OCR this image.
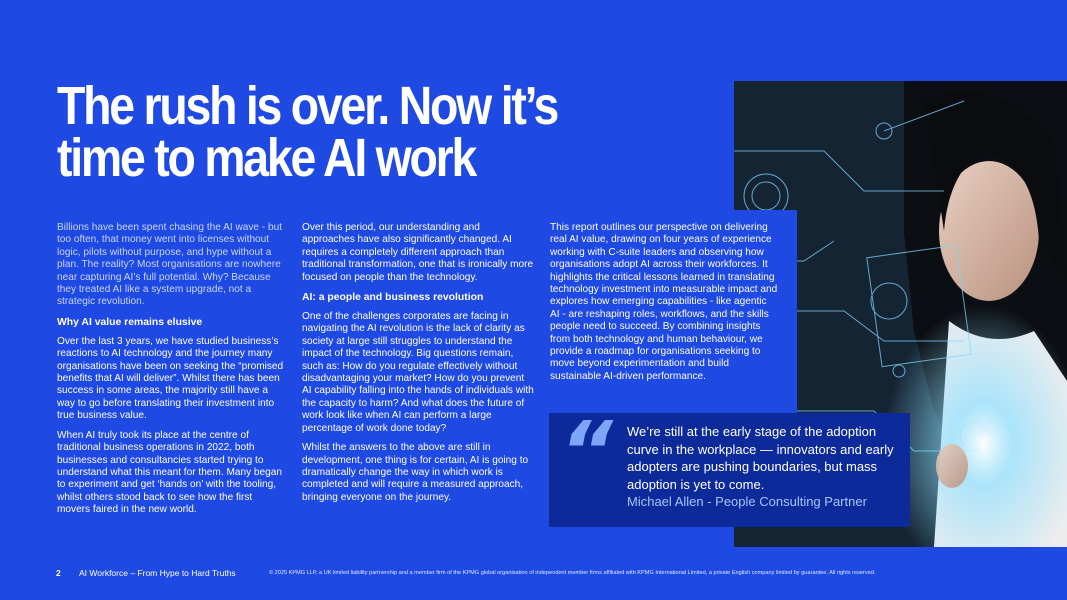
The rush is over. Now it’s
time to make AI work

Billions have been spent chasing the AI wave - but too often, that money went into licenses without logic, pilots without purpose, and hype without a plan. The reality? Most organisations are nowhere near capturing AI’s full potential. Why? Because they treated AI like a system upgrade, not a strategic revolution.

Why AI value remains elusive

Over the last 3 years, we have studied business’s reactions to AI technology and the journey many organisations have been on seeking the “promised benefits that AI will deliver”. Whilst there has been success in some areas, the majority still have a way to go before translating their investment into true business value.

When AI truly took its place at the centre of traditional business operations in 2022, both businesses and consultancies started trying to understand what this meant for them. Many began to experiment and get ‘hands on’ with the tooling, whilst others stood back to see how the first movers faired in the new world.

Over this period, our understanding and approaches have also significantly changed. AI requires a completely different approach than traditional transformation, one that is ironically more focused on people than the technology.

AI: a people and business revolution

One of the challenges corporates are facing in navigating the AI revolution is the lack of clarity as society at large still struggles to understand the impact of the technology. Big questions remain, such as: How do you regulate effectively without disadvantaging your market? How do you prevent AI capability falling into the hands of individuals with the capacity to harm? And what does the future of work look like when AI can perform a large percentage of work done today?

Whilst the answers to the above are still in development, one thing is for certain, AI is going to dramatically change the way in which work is completed and will require a measured approach, bringing everyone on the journey.

This report outlines our perspective on delivering real AI value, drawing on four years of experience working with C-suite leaders and observing how organisations adopt AI across their workforces. It highlights the critical lessons learned in translating technology investment into measurable impact and explores how emerging capabilities - like agentic AI - are reshaping roles, workflows, and the skills people need to succeed. By combining insights from both technology and human behaviour, we provide a roadmap for organisations seeking to move beyond experimentation and build sustainable AI-driven performance.

“ We’re still at the early stage of the adoption curve in the workplace — innovators and early adopters are pushing boundaries, but mass adoption is yet to come.

Michael Allen - People Consulting Partner

2 AI Workforce – From Hype to Hard Truths	© 2025 KPMG LLP, a UK limited liability partnership and a member firm of the KPMG global organisation of independent member firms affiliated with KPMG International Limited, a private English company limited by guarantee. All rights reserved.
